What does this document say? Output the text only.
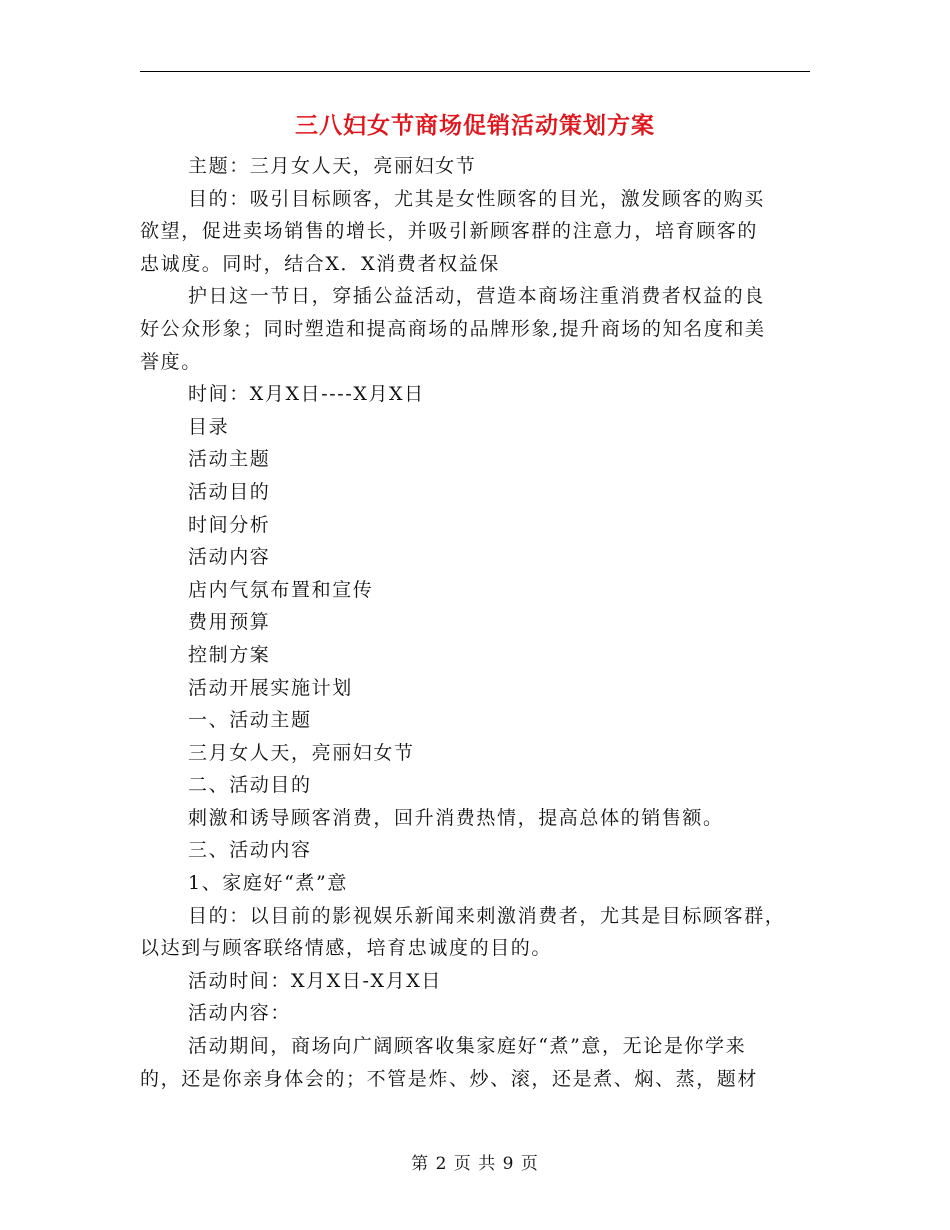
三八妇女节商场促销活动策划方案

主题：三月女人天，亮丽妇女节

目的：吸引目标顾客，尤其是女性顾客的目光，激发顾客的购买

欲望，促进卖场销售的增长，并吸引新顾客群的注意力，培育顾客的

忠诚度。同时，结合X．X消费者权益保

护日这一节日，穿插公益活动，营造本商场注重消费者权益的良

好公众形象；同时塑造和提高商场的品牌形象,提升商场的知名度和美

誉度。

时间：X月X日----X月X日

目录

活动主题

活动目的

时间分析

活动内容

店内气氛布置和宣传

费用预算

控制方案

活动开展实施计划

一、活动主题

三月女人天，亮丽妇女节

二、活动目的

刺激和诱导顾客消费，回升消费热情，提高总体的销售额。

三、活动内容

1、家庭好“煮”意

目的：以目前的影视娱乐新闻来刺激消费者，尤其是目标顾客群，

以达到与顾客联络情感，培育忠诚度的目的。

活动时间：X月X日-X月X日

活动内容：

活动期间，商场向广阔顾客收集家庭好“煮”意，无论是你学来

的，还是你亲身体会的；不管是炸、炒、滚，还是煮、焖、蒸，题材

第 2 页 共 9 页
